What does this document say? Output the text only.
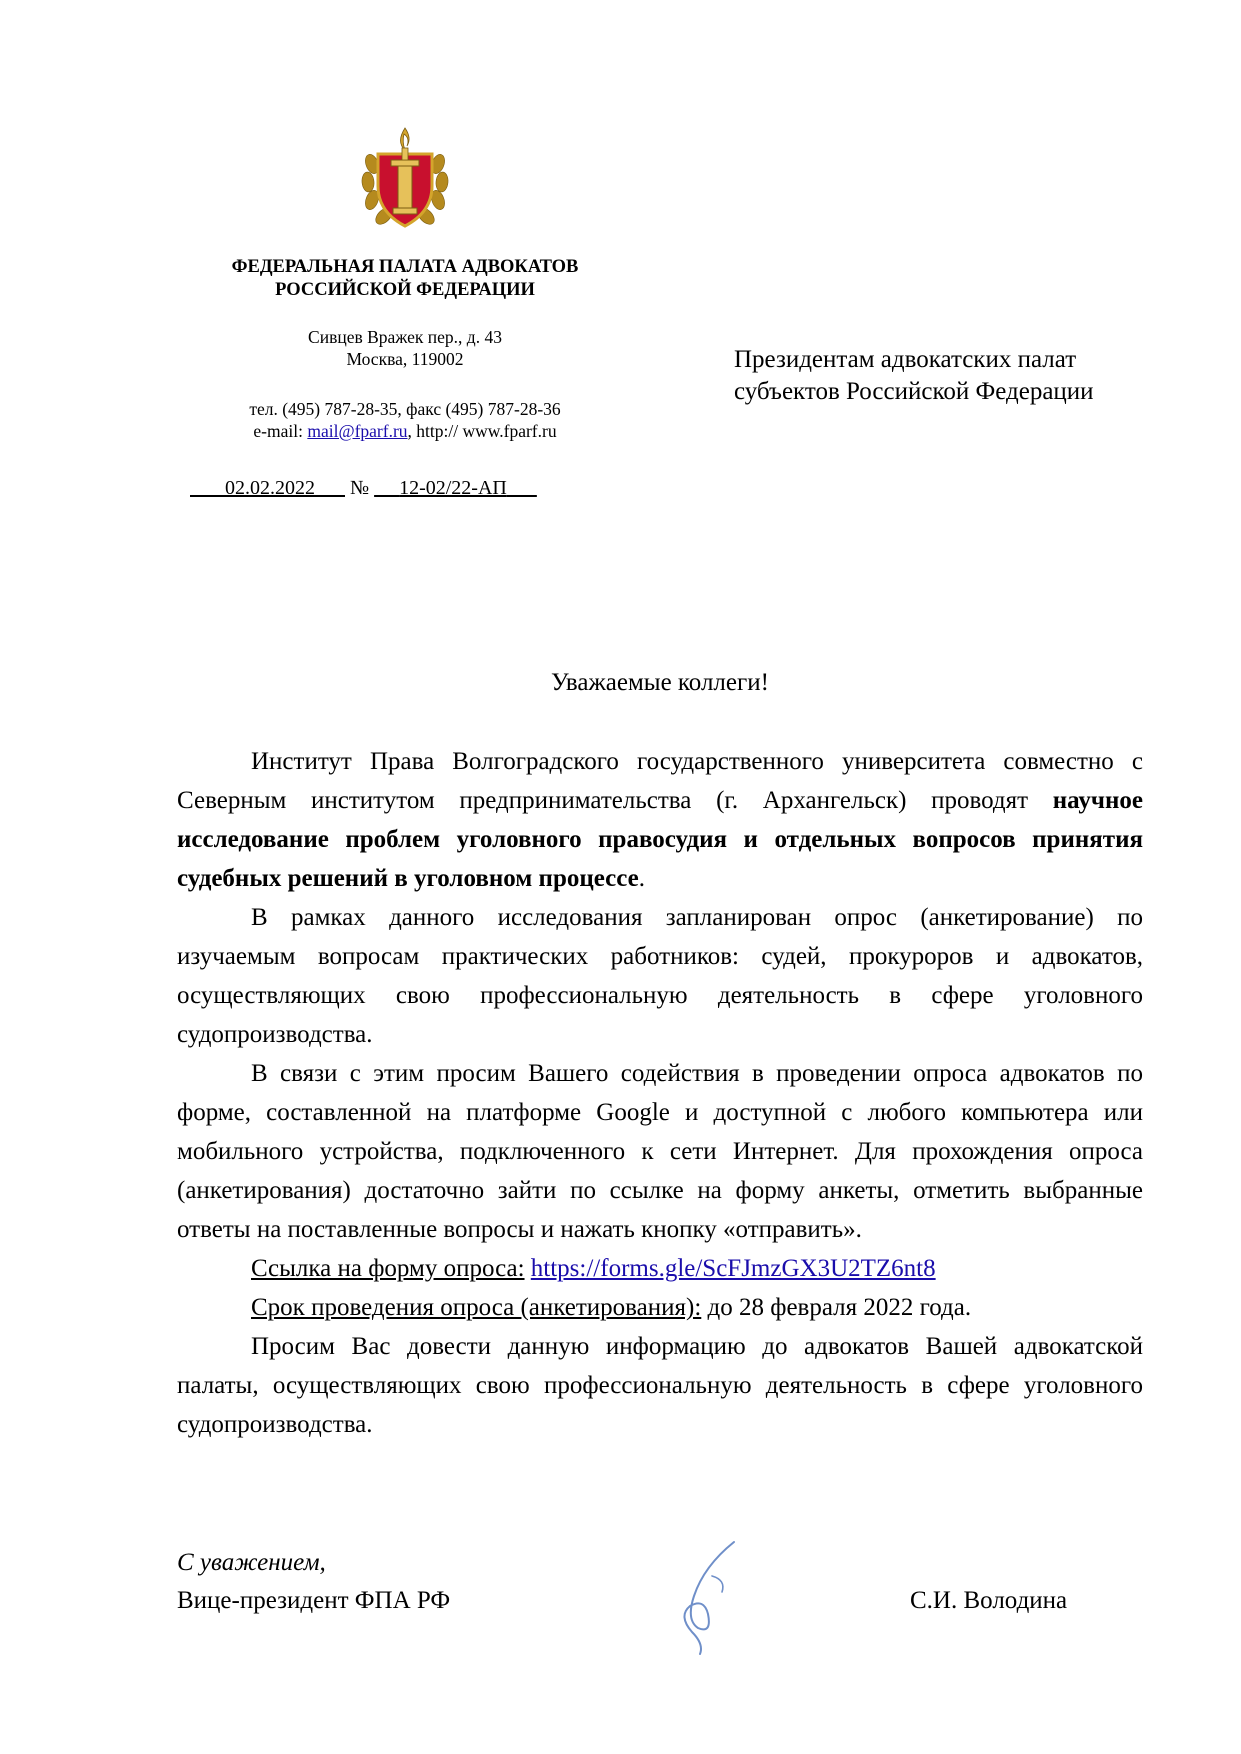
ФЕДЕРАЛЬНАЯ ПАЛАТА АДВОКАТОВ
РОССИЙСКОЙ ФЕДЕРАЦИИ
Сивцев Вражек пер., д. 43
Москва, 119002
тел. (495) 787-28-35, факс (495) 787-28-36
e-mail: mail@fparf.ru, http:// www.fparf.ru
02.02.2022 № 12-02/22-АП
Президентам адвокатских палат
субъектов Российской Федерации
Уважаемые коллеги!

Институт Права Волгоградского государственного университета совместно с Северным институтом предпринимательства (г. Архангельск) проводят научное исследование проблем уголовного правосудия и отдельных вопросов принятия судебных решений в уголовном процессе.

В рамках данного исследования запланирован опрос (анкетирование) по изучаемым вопросам практических работников: судей, прокуроров и адвокатов, осуществляющих свою профессиональную деятельность в сфере уголовного судопроизводства.

В связи с этим просим Вашего содействия в проведении опроса адвокатов по форме, составленной на платформе Google и доступной с любого компьютера или мобильного устройства, подключенного к сети Интернет. Для прохождения опроса (анкетирования) достаточно зайти по ссылке на форму анкеты, отметить выбранные ответы на поставленные вопросы и нажать кнопку «отправить».

Ссылка на форму опроса: https://forms.gle/ScFJmzGX3U2TZ6nt8

Срок проведения опроса (анкетирования): до 28 февраля 2022 года.

Просим Вас довести данную информацию до адвокатов Вашей адвокатской палаты, осуществляющих свою профессиональную деятельность в сфере уголовного судопроизводства.

С уважением,
Вице-президент ФПА РФ	С.И. Володина
